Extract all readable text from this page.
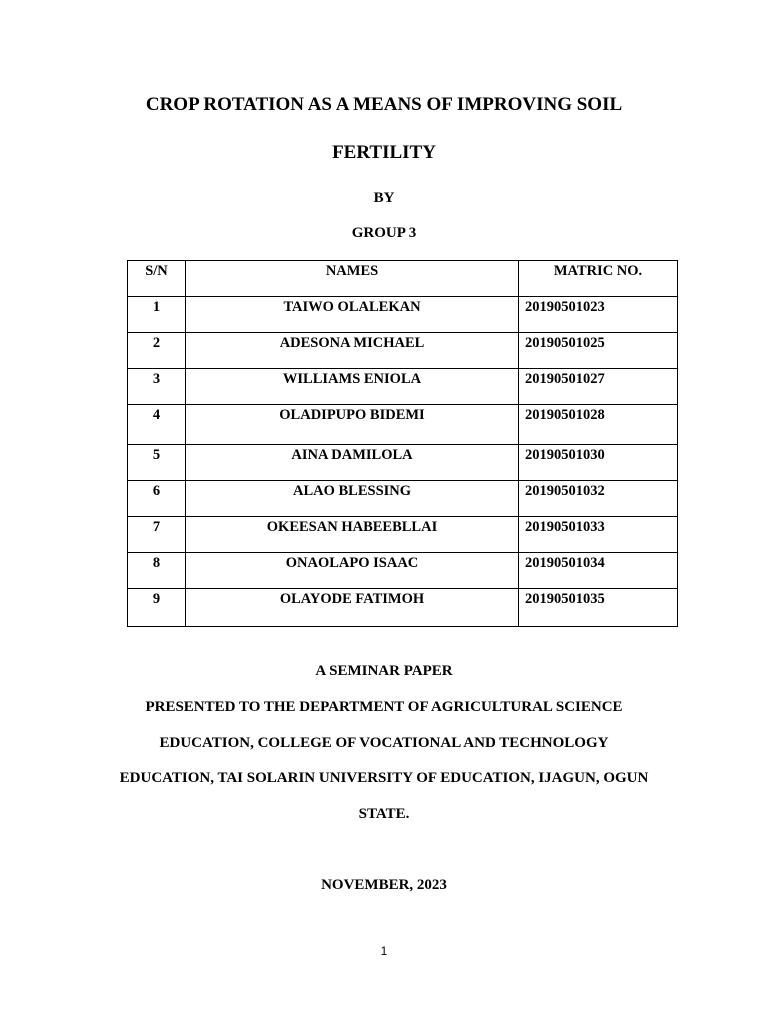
CROP ROTATION AS A MEANS OF IMPROVING SOIL
FERTILITY
BY
GROUP 3
S/N	NAMES	MATRIC NO.
1	TAIWO OLALEKAN	20190501023
2	ADESONA MICHAEL	20190501025
3	WILLIAMS ENIOLA	20190501027
4	OLADIPUPO BIDEMI	20190501028
5	AINA DAMILOLA	20190501030
6	ALAO BLESSING	20190501032
7	OKEESAN HABEEBLLAI	20190501033
8	ONAOLAPO ISAAC	20190501034
9	OLAYODE FATIMOH	20190501035
A SEMINAR PAPER
PRESENTED TO THE DEPARTMENT OF AGRICULTURAL SCIENCE
EDUCATION, COLLEGE OF VOCATIONAL AND TECHNOLOGY
EDUCATION, TAI SOLARIN UNIVERSITY OF EDUCATION, IJAGUN, OGUN
STATE.
NOVEMBER, 2023
1
